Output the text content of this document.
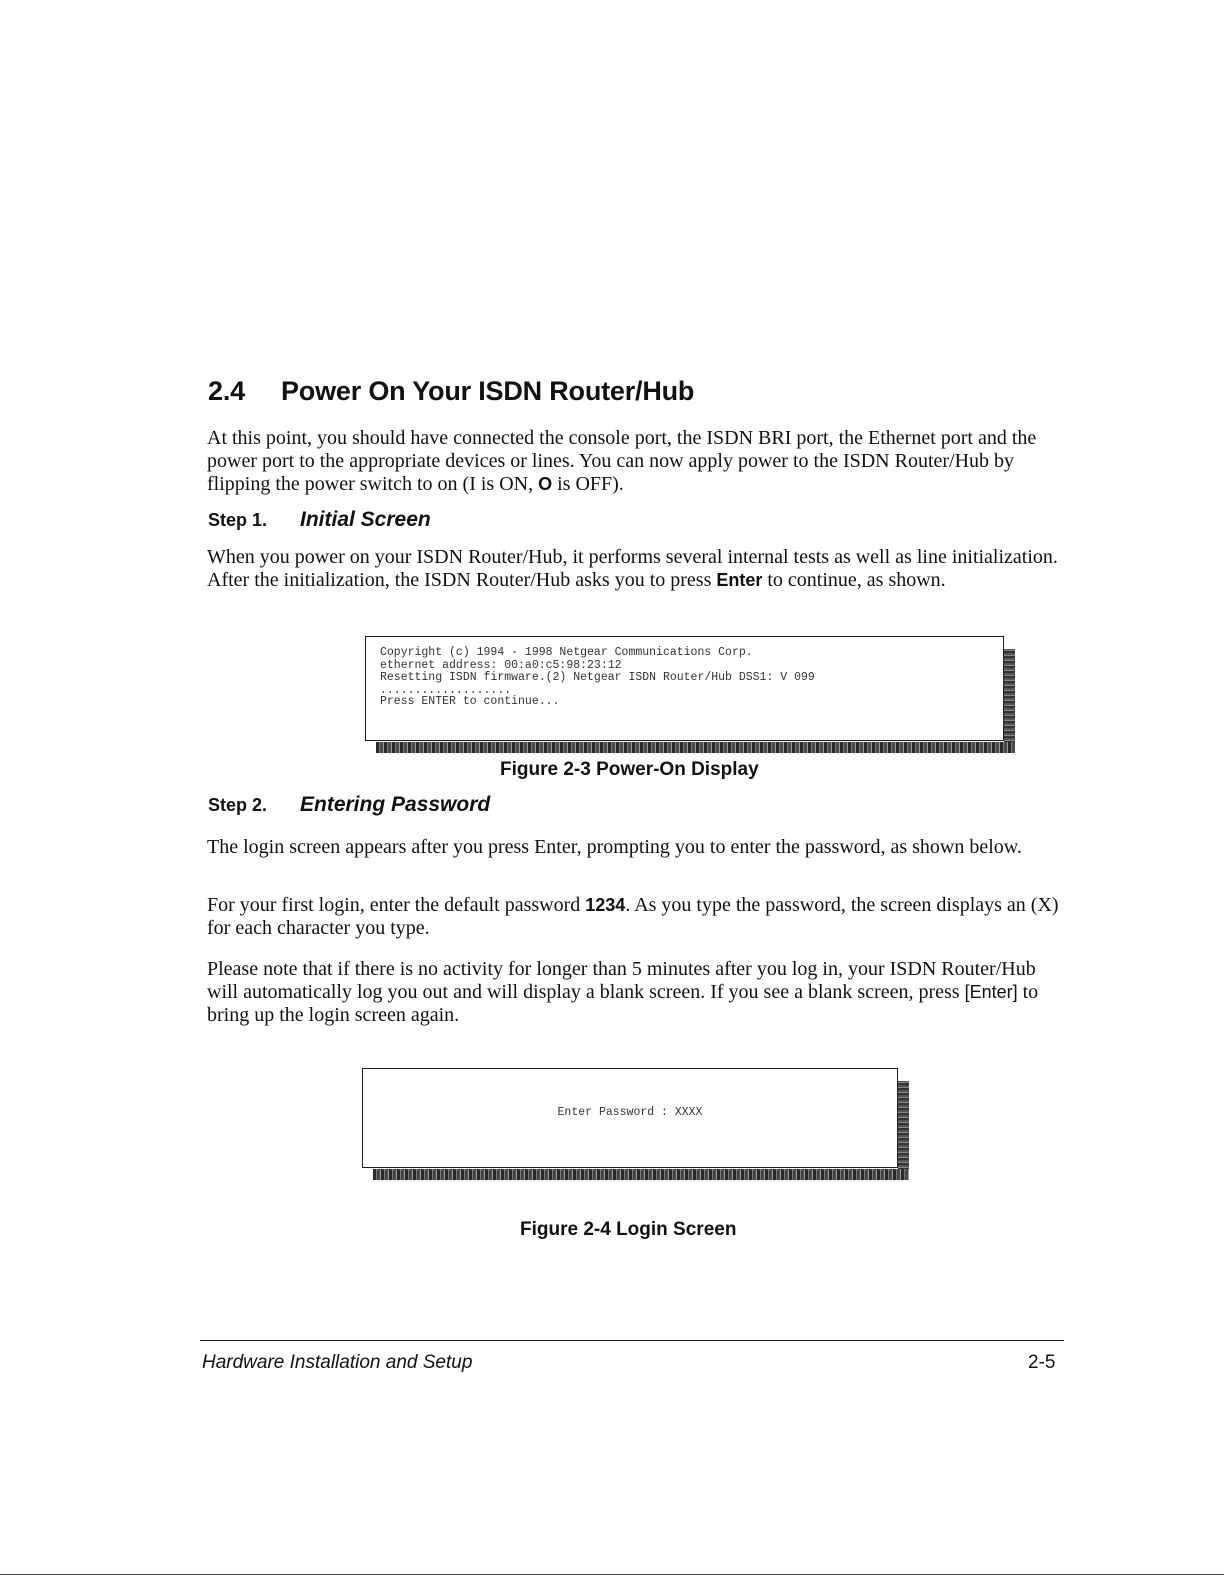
2.4 Power On Your ISDN Router/Hub

At this point, you should have connected the console port, the ISDN BRI port, the Ethernet port and the power port to the appropriate devices or lines. You can now apply power to the ISDN Router/Hub by flipping the power switch to on (I is ON, O is OFF).

Step 1. Initial Screen

When you power on your ISDN Router/Hub, it performs several internal tests as well as line initialization. After the initialization, the ISDN Router/Hub asks you to press Enter to continue, as shown.

Copyright (c) 1994 - 1998 Netgear Communications Corp.
ethernet address: 00:a0:c5:98:23:12
Resetting ISDN firmware.(2) Netgear ISDN Router/Hub DSS1: V 099
...................
Press ENTER to continue...
Figure 2-3 Power-On Display
Step 2. Entering Password

The login screen appears after you press Enter, prompting you to enter the password, as shown below.

For your first login, enter the default password 1234. As you type the password, the screen displays an (X) for each character you type.

Please note that if there is no activity for longer than 5 minutes after you log in, your ISDN Router/Hub will automatically log you out and will display a blank screen. If you see a blank screen, press [Enter] to bring up the login screen again.

Enter Password : XXXX
Figure 2-4 Login Screen
Hardware Installation and Setup	2-5
